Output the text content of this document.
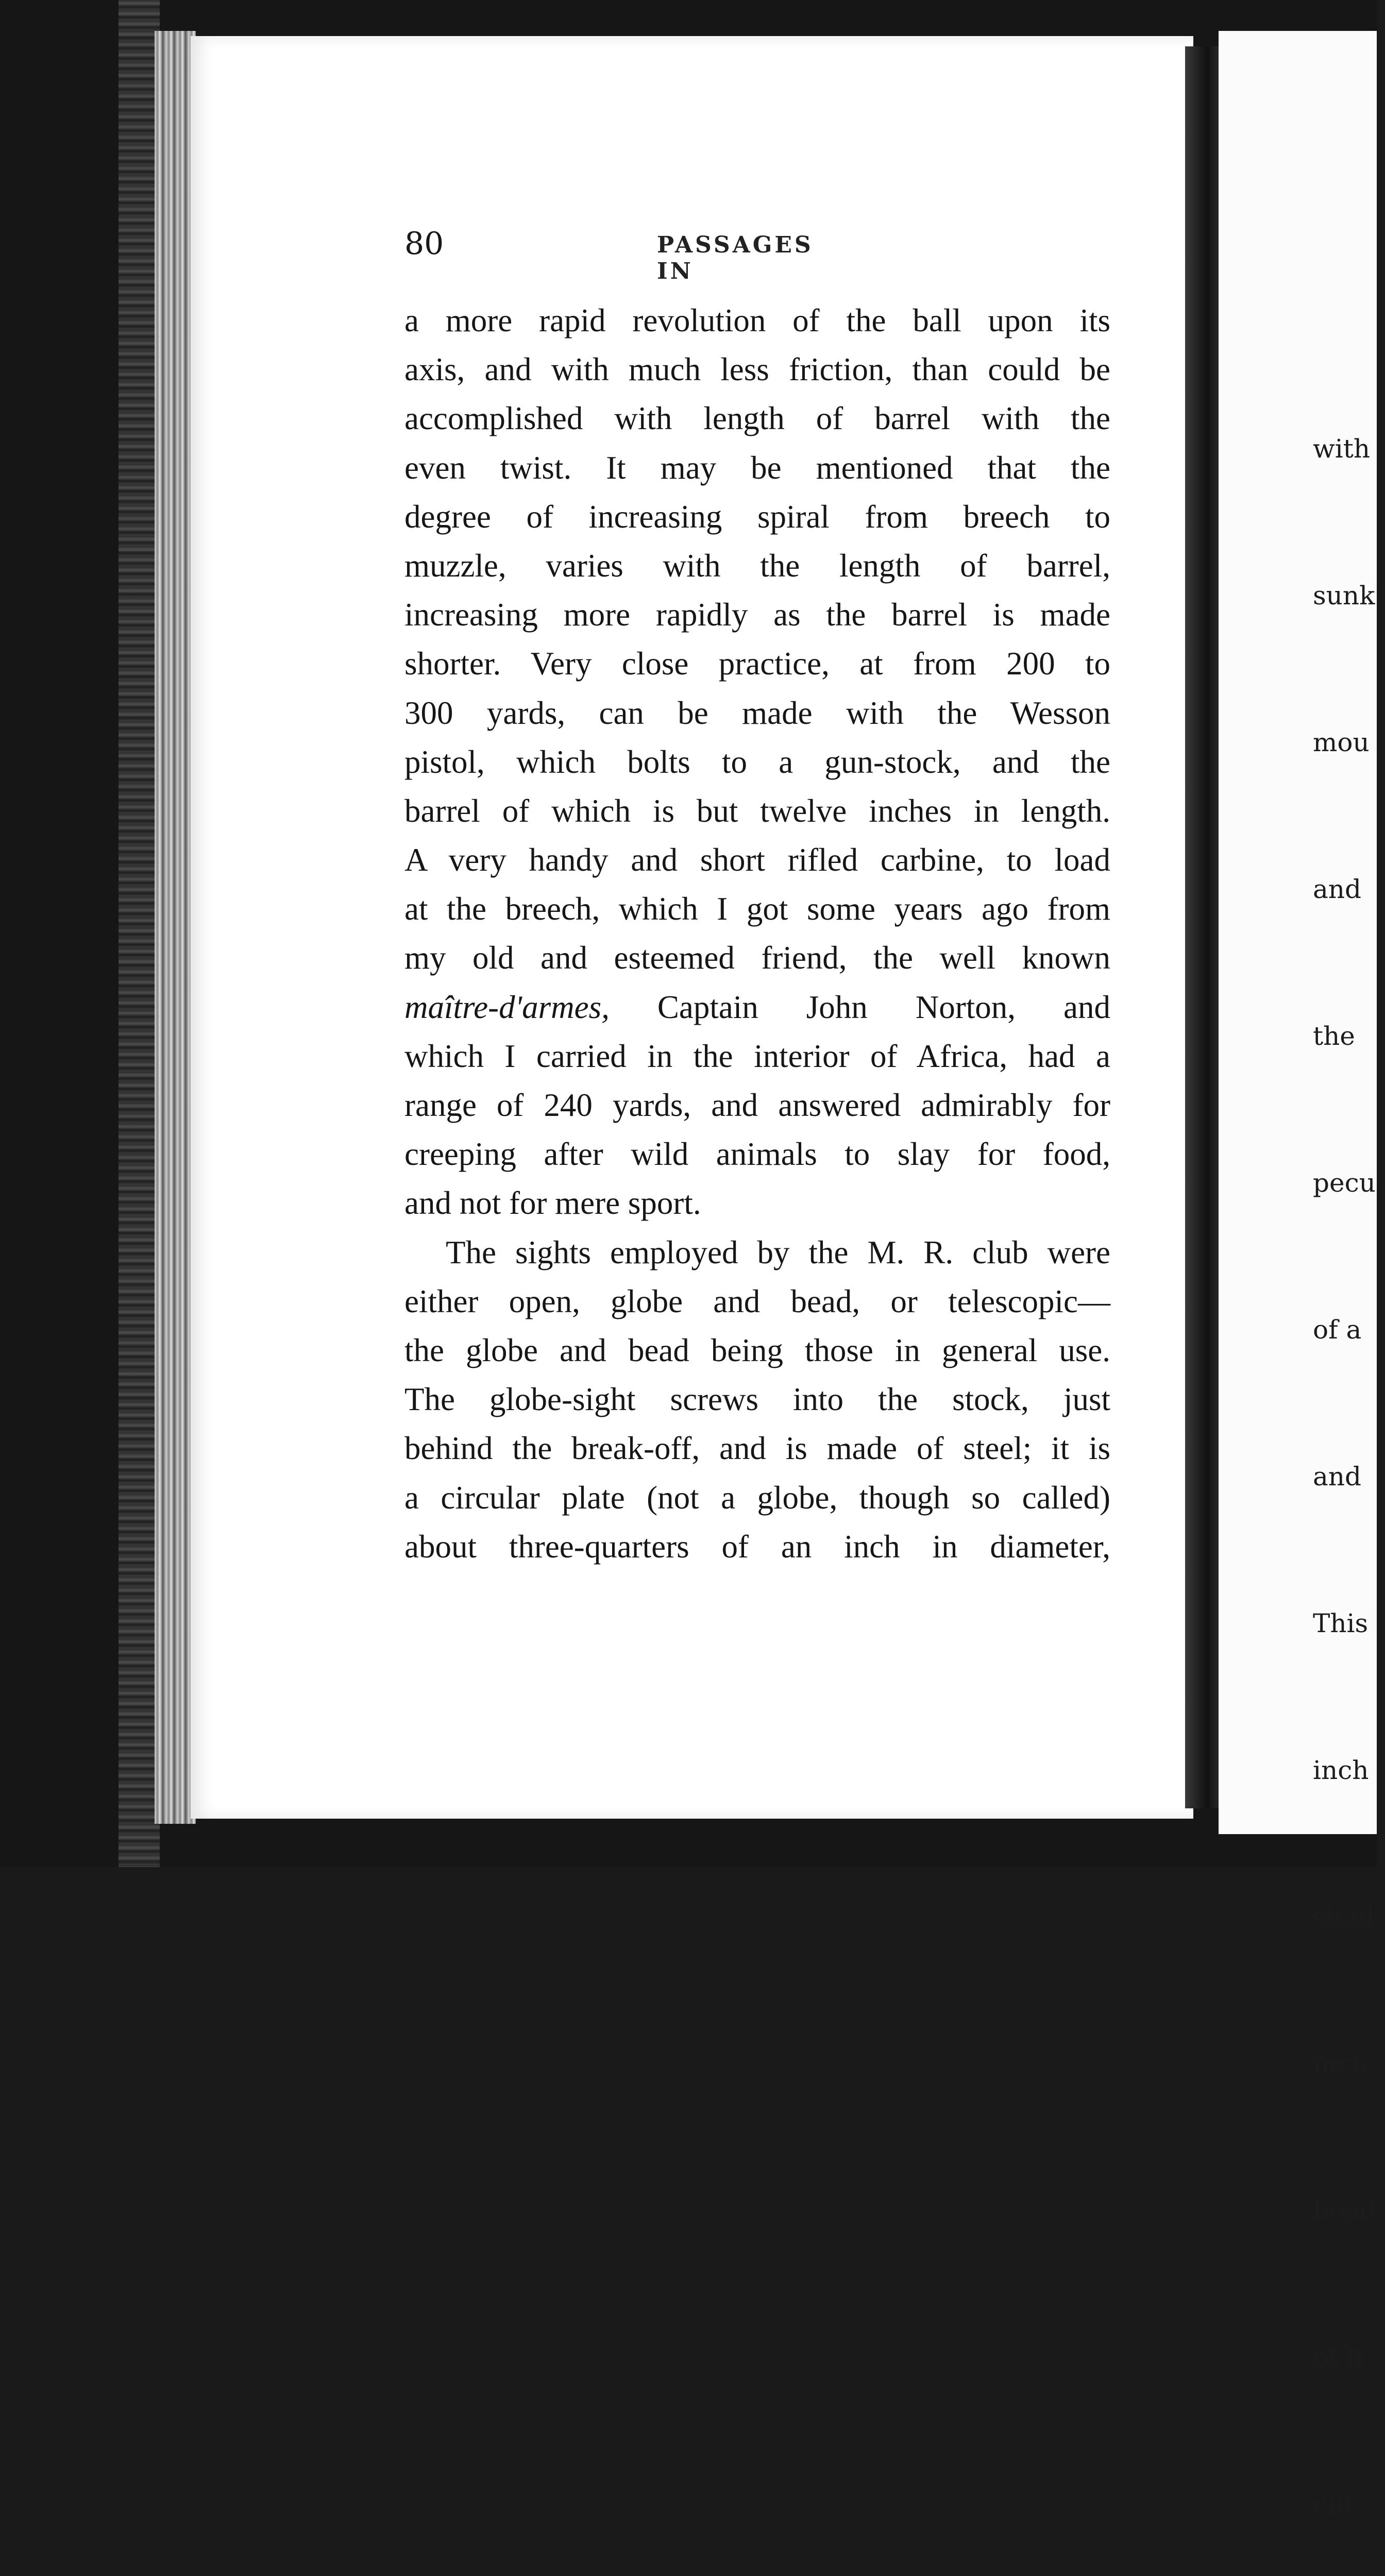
80	PASSAGES IN
a more rapid revolution of the ball upon its
axis, and with much less friction, than could be
accomplished with length of barrel with the
even twist. It may be mentioned that the
degree of increasing spiral from breech to
muzzle, varies with the length of barrel,
increasing more rapidly as the barrel is made
shorter. Very close practice, at from 200 to
300 yards, can be made with the Wesson
pistol, which bolts to a gun-stock, and the
barrel of which is but twelve inches in length.
A very handy and short rifled carbine, to load
at the breech, which I got some years ago from
my old and esteemed friend, the well known
maître-d'armes, Captain John Norton, and
which I carried in the interior of Africa, had a
range of 240 yards, and answered admirably for
creeping after wild animals to slay for food,
and not for mere sport.
The sights employed by the M. R. club were
either open, globe and bead, or telescopic—
the globe and bead being those in general use.
The globe-sight screws into the stock, just
behind the break-off, and is made of steel; it is
a circular plate (not a globe, though so called)
about three-quarters of an inch in diameter,

with

sunk

mou

and

the

pecu

of a

and

This

inch

shad

inch

bead

of b

cut
